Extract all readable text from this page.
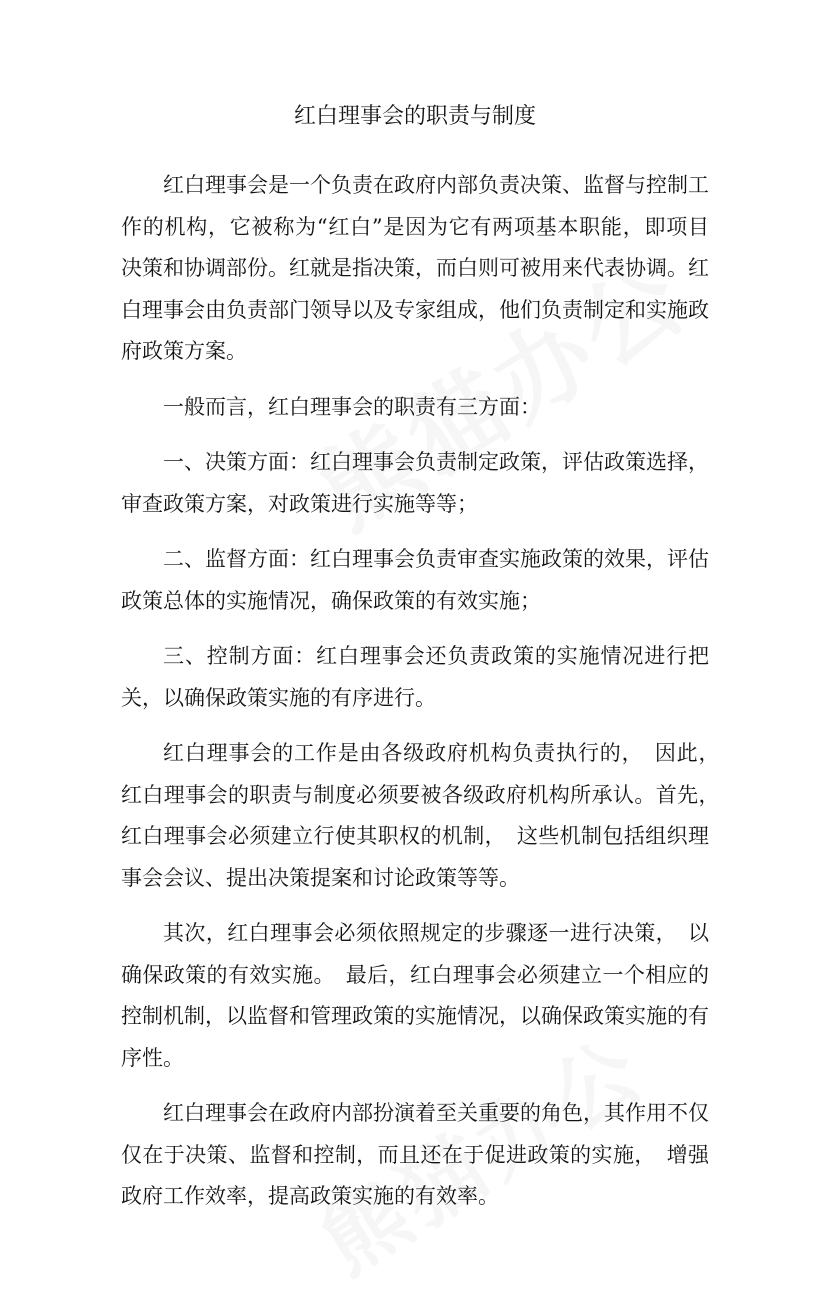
红白理事会的职责与制度

红白理事会是一个负责在政府内部负责决策、监督与控制工作的机构，它被称为“红白”是因为它有两项基本职能，即项目决策和协调部份。红就是指决策，而白则可被用来代表协调。红白理事会由负责部门领导以及专家组成，他们负责制定和实施政府政策方案。

一般而言，红白理事会的职责有三方面：

一、决策方面：红白理事会负责制定政策，评估政策选择，审查政策方案，对政策进行实施等等；

二、监督方面：红白理事会负责审查实施政策的效果，评估政策总体的实施情况，确保政策的有效实施；

三、控制方面：红白理事会还负责政策的实施情况进行把关，以确保政策实施的有序进行。

红白理事会的工作是由各级政府机构负责执行的，　因此，　红白理事会的职责与制度必须要被各级政府机构所承认。首先，　红白理事会必须建立行使其职权的机制，　这些机制包括组织理事会会议、提出决策提案和讨论政策等等。

其次，红白理事会必须依照规定的步骤逐一进行决策，　以确保政策的有效实施。　最后，红白理事会必须建立一个相应的控制机制，以监督和管理政策的实施情况，以确保政策实施的有序性。

红白理事会在政府内部扮演着至关重要的角色，其作用不仅仅在于决策、监督和控制，而且还在于促进政策的实施，　增强政府工作效率，提高政策实施的有效率。
